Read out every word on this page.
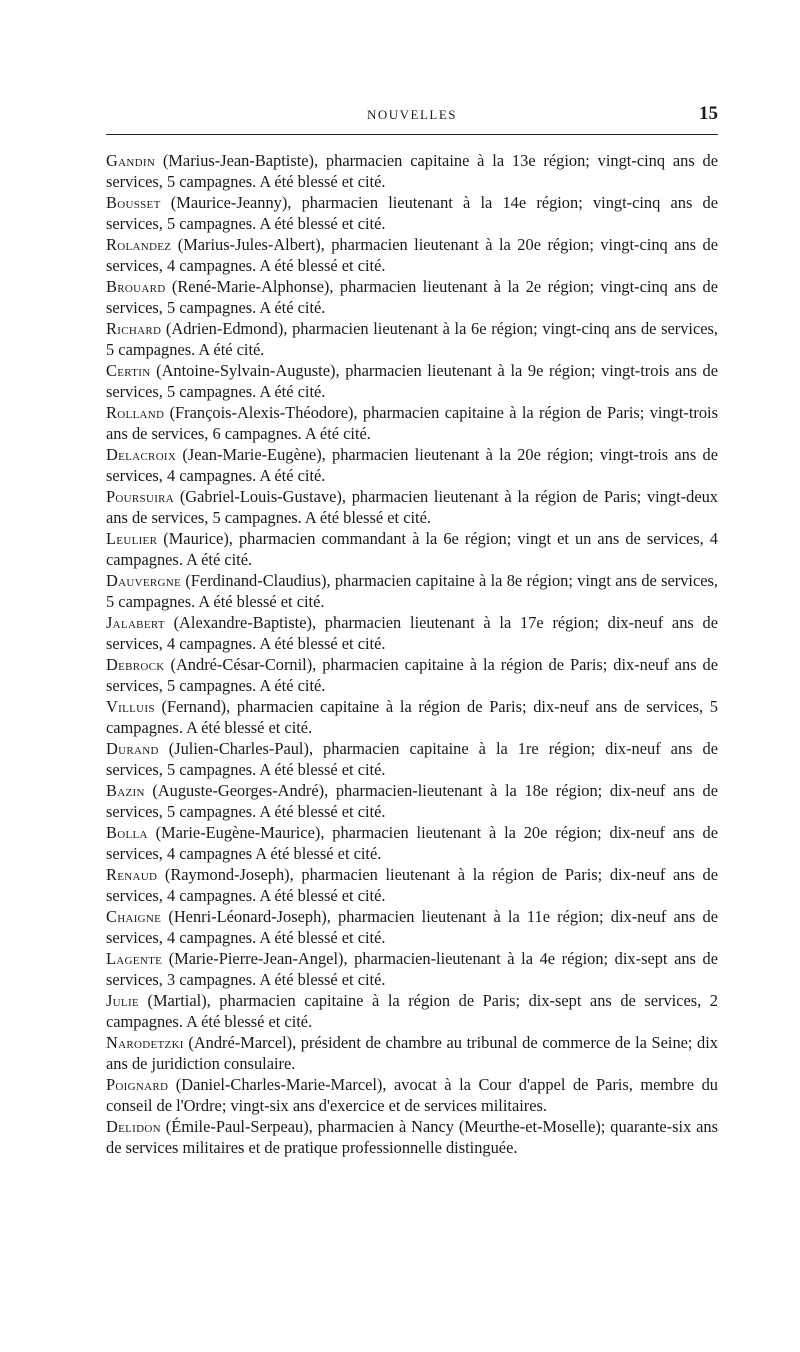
NOUVELLES	15

Gandin (Marius-Jean-Baptiste), pharmacien capitaine à la 13e région; vingt-cinq ans de services, 5 campagnes. A été blessé et cité.

Bousset (Maurice-Jeanny), pharmacien lieutenant à la 14e région; vingt-cinq ans de services, 5 campagnes. A été blessé et cité.

Rolandez (Marius-Jules-Albert), pharmacien lieutenant à la 20e région; vingt-cinq ans de services, 4 campagnes. A été blessé et cité.

Brouard (René-Marie-Alphonse), pharmacien lieutenant à la 2e région; vingt-cinq ans de services, 5 campagnes. A été cité.

Richard (Adrien-Edmond), pharmacien lieutenant à la 6e région; vingt-cinq ans de services, 5 campagnes. A été cité.

Certin (Antoine-Sylvain-Auguste), pharmacien lieutenant à la 9e région; vingt-trois ans de services, 5 campagnes. A été cité.

Rolland (François-Alexis-Théodore), pharmacien capitaine à la région de Paris; vingt-trois ans de services, 6 campagnes. A été cité.

Delacroix (Jean-Marie-Eugène), pharmacien lieutenant à la 20e région; vingt-trois ans de services, 4 campagnes. A été cité.

Poursuira (Gabriel-Louis-Gustave), pharmacien lieutenant à la région de Paris; vingt-deux ans de services, 5 campagnes. A été blessé et cité.

Leulier (Maurice), pharmacien commandant à la 6e région; vingt et un ans de services, 4 campagnes. A été cité.

Dauvergne (Ferdinand-Claudius), pharmacien capitaine à la 8e région; vingt ans de services, 5 campagnes. A été blessé et cité.

Jalabert (Alexandre-Baptiste), pharmacien lieutenant à la 17e région; dix-neuf ans de services, 4 campagnes. A été blessé et cité.

Debrock (André-César-Cornil), pharmacien capitaine à la région de Paris; dix-neuf ans de services, 5 campagnes. A été cité.

Villuis (Fernand), pharmacien capitaine à la région de Paris; dix-neuf ans de services, 5 campagnes. A été blessé et cité.

Durand (Julien-Charles-Paul), pharmacien capitaine à la 1re région; dix-neuf ans de services, 5 campagnes. A été blessé et cité.

Bazin (Auguste-Georges-André), pharmacien-lieutenant à la 18e région; dix-neuf ans de services, 5 campagnes. A été blessé et cité.

Bolla (Marie-Eugène-Maurice), pharmacien lieutenant à la 20e région; dix-neuf ans de services, 4 campagnes A été blessé et cité.

Renaud (Raymond-Joseph), pharmacien lieutenant à la région de Paris; dix-neuf ans de services, 4 campagnes. A été blessé et cité.

Chaigne (Henri-Léonard-Joseph), pharmacien lieutenant à la 11e région; dix-neuf ans de services, 4 campagnes. A été blessé et cité.

Lagente (Marie-Pierre-Jean-Angel), pharmacien-lieutenant à la 4e région; dix-sept ans de services, 3 campagnes. A été blessé et cité.

Julie (Martial), pharmacien capitaine à la région de Paris; dix-sept ans de services, 2 campagnes. A été blessé et cité.

Narodetzki (André-Marcel), président de chambre au tribunal de commerce de la Seine; dix ans de juridiction consulaire.

Poignard (Daniel-Charles-Marie-Marcel), avocat à la Cour d'appel de Paris, membre du conseil de l'Ordre; vingt-six ans d'exercice et de services militaires.

Delidon (Émile-Paul-Serpeau), pharmacien à Nancy (Meurthe-et-Moselle); quarante-six ans de services militaires et de pratique professionnelle distinguée.
